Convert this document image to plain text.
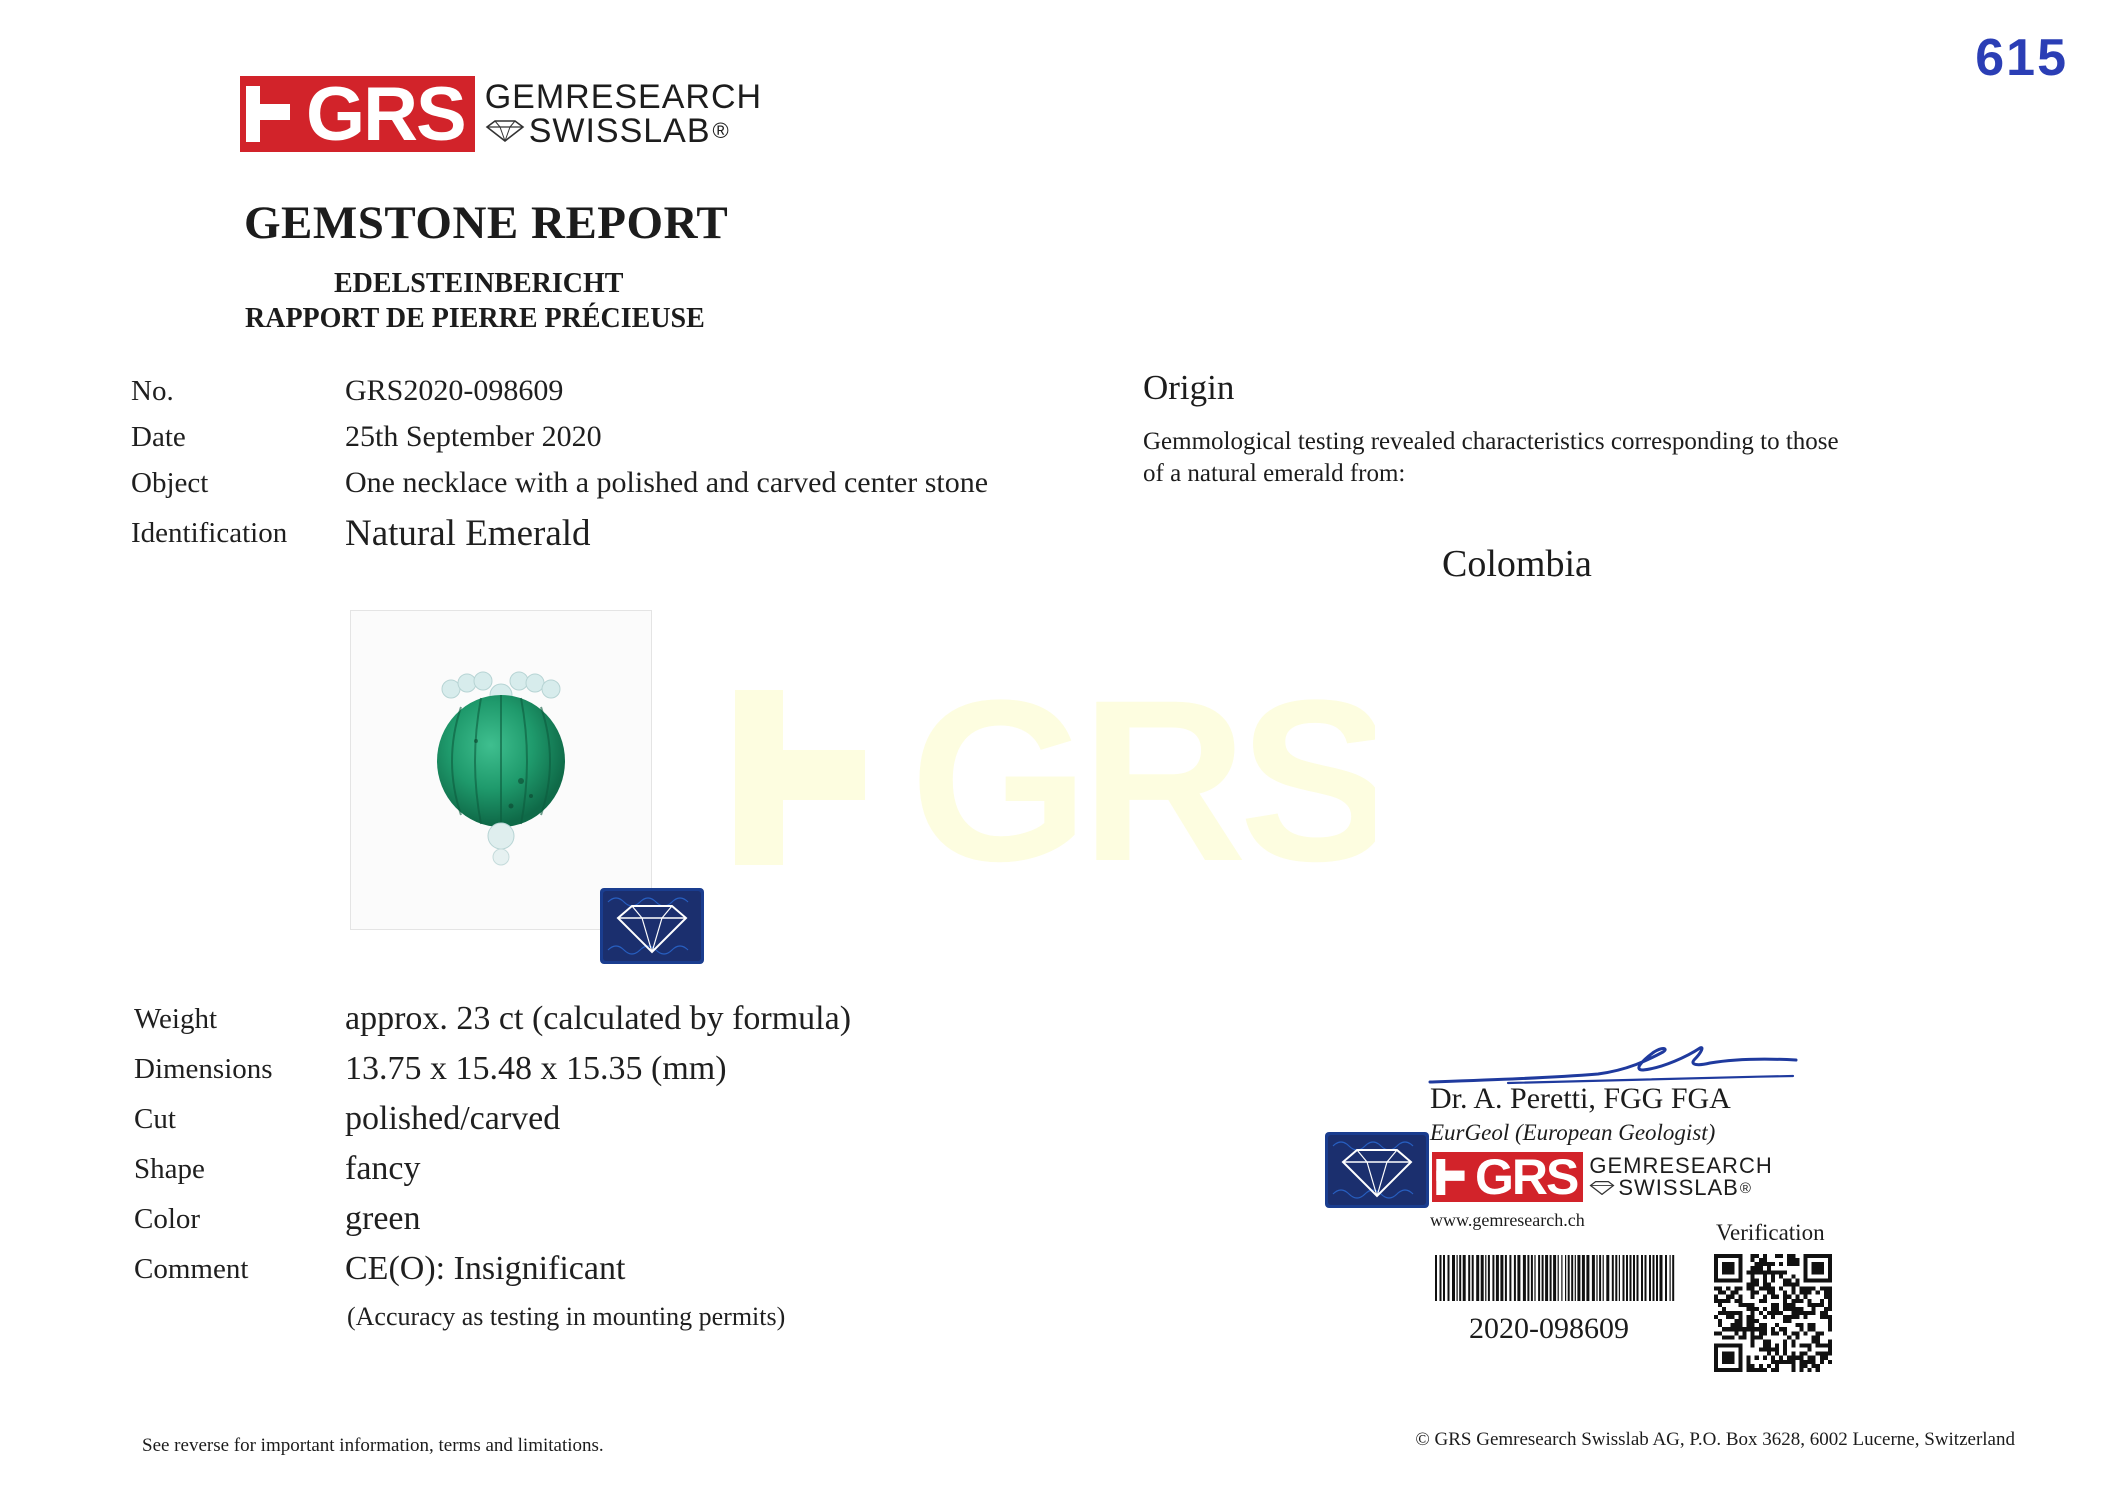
615
GRS GEMRESEARCH
SWISSLAB ®
GEMSTONE REPORT
EDELSTEINBERICHT
RAPPORT DE PIERRE PRÉCIEUSE
No.	GRS2020-098609
Date	25th September 2020
Object	One necklace with a polished and carved center stone
Identification Natural Emerald
GRS
Weight	approx. 23 ct (calculated by formula)
Dimensions 13.75 x 15.48 x 15.35 (mm)
Cut	polished/carved
Shape	fancy
Color	green
Comment	CE(O): Insignificant
(Accuracy as testing in mounting permits)
Origin
Gemmological testing revealed characteristics corresponding to those
of a natural emerald from:
Colombia
Dr. A. Peretti, FGG FGA
EurGeol (European Geologist)
GRS GEMRESEARCH
SWISSLAB ®
www.gemresearch.ch	Verification
2020-098609
See reverse for important information, terms and limitations.	© GRS Gemresearch Swisslab AG, P.O. Box 3628, 6002 Lucerne, Switzerland
